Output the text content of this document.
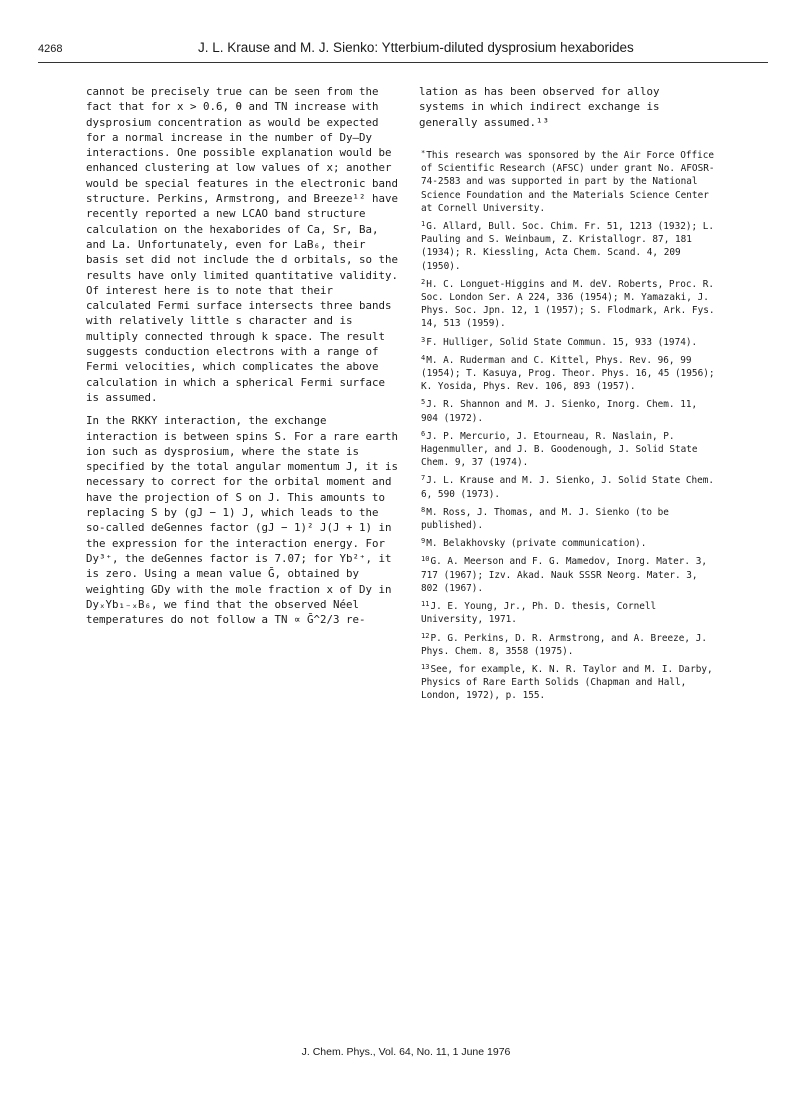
4268	J. L. Krause and M. J. Sienko: Ytterbium-diluted dysprosium hexaborides

cannot be precisely true can be seen from the fact that for x > 0.6, θ and TN increase with dysprosium concentration as would be expected for a normal increase in the number of Dy–Dy interactions. One possible explanation would be enhanced clustering at low values of x; another would be special features in the electronic band structure. Perkins, Armstrong, and Breeze¹² have recently reported a new LCAO band structure calculation on the hexaborides of Ca, Sr, Ba, and La. Unfortunately, even for LaB₆, their basis set did not include the d orbitals, so the results have only limited quantitative validity. Of interest here is to note that their calculated Fermi surface intersects three bands with relatively little s character and is multiply connected through k space. The result suggests conduction electrons with a range of Fermi velocities, which complicates the above calculation in which a spherical Fermi surface is assumed.

In the RKKY interaction, the exchange interaction is between spins S. For a rare earth ion such as dysprosium, where the state is specified by the total angular momentum J, it is necessary to correct for the orbital moment and have the projection of S on J. This amounts to replacing S by (gJ − 1) J, which leads to the so-called deGennes factor (gJ − 1)² J(J + 1) in the expression for the interaction energy. For Dy³⁺, the deGennes factor is 7.07; for Yb²⁺, it is zero. Using a mean value Ḡ, obtained by weighting GDy with the mole fraction x of Dy in DyₓYb₁₋ₓB₆, we find that the observed Néel temperatures do not follow a TN ∝ Ḡ^2/3 re-

lation as has been observed for alloy systems in which indirect exchange is generally assumed.¹³

*This research was sponsored by the Air Force Office of Scientific Research (AFSC) under grant No. AFOSR-74-2583 and was supported in part by the National Science Foundation and the Materials Science Center at Cornell University.

$^1$G. Allard, Bull. Soc. Chim. Fr. 51, 1213 (1932); L. Pauling and S. Weinbaum, Z. Kristallogr. 87, 181 (1934); R. Kiessling, Acta Chem. Scand. 4, 209 (1950).

$^2$H. C. Longuet-Higgins and M. deV. Roberts, Proc. R. Soc. London Ser. A 224, 336 (1954); M. Yamazaki, J. Phys. Soc. Jpn. 12, 1 (1957); S. Flodmark, Ark. Fys. 14, 513 (1959).

$^3$F. Hulliger, Solid State Commun. 15, 933 (1974).

$^4$M. A. Ruderman and C. Kittel, Phys. Rev. 96, 99 (1954); T. Kasuya, Prog. Theor. Phys. 16, 45 (1956); K. Yosida, Phys. Rev. 106, 893 (1957).

$^5$J. R. Shannon and M. J. Sienko, Inorg. Chem. 11, 904 (1972).

$^6$J. P. Mercurio, J. Etourneau, R. Naslain, P. Hagenmuller, and J. B. Goodenough, J. Solid State Chem. 9, 37 (1974).

$^7$J. L. Krause and M. J. Sienko, J. Solid State Chem. 6, 590 (1973).

$^8$M. Ross, J. Thomas, and M. J. Sienko (to be published).

$^9$M. Belakhovsky (private communication).

$^{10}$G. A. Meerson and F. G. Mamedov, Inorg. Mater. 3, 717 (1967); Izv. Akad. Nauk SSSR Neorg. Mater. 3, 802 (1967).

$^{11}$J. E. Young, Jr., Ph. D. thesis, Cornell University, 1971.

$^{12}$P. G. Perkins, D. R. Armstrong, and A. Breeze, J. Phys. Chem. 8, 3558 (1975).

$^{13}$See, for example, K. N. R. Taylor and M. I. Darby, Physics of Rare Earth Solids (Chapman and Hall, London, 1972), p. 155.

J. Chem. Phys., Vol. 64, No. 11, 1 June 1976
